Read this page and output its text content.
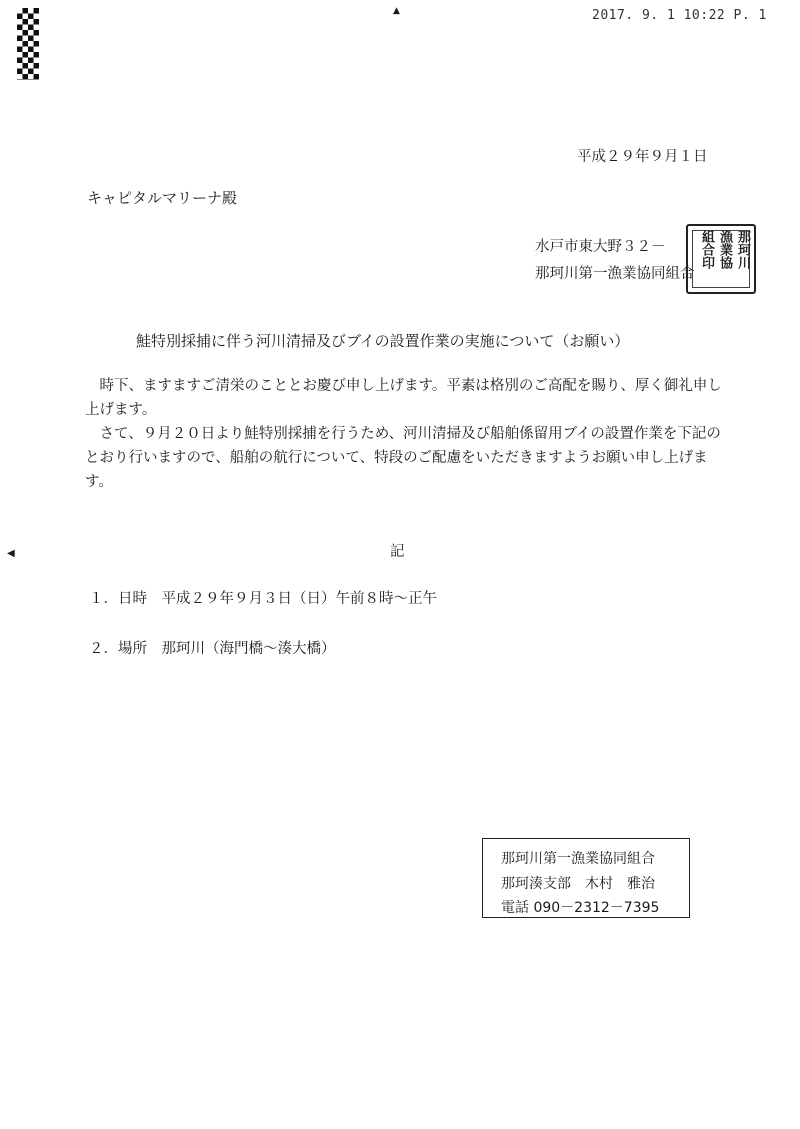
▲
◀
2017. 9. 1 10:22 P. 1
平成２９年９月１日
キャピタルマリーナ殿
水戸市東大野３２－
那珂川第一漁業協同組合
那珂川
漁業協
組合印
鮭特別採捕に伴う河川清掃及びブイの設置作業の実施について（お願い）

　時下、ますますご清栄のこととお慶び申し上げます。平素は格別のご高配を賜り、厚く御礼申し上げます。

　さて、９月２０日より鮭特別採捕を行うため、河川清掃及び船舶係留用ブイの設置作業を下記のとおり行いますので、船舶の航行について、特段のご配慮をいただきますようお願い申し上げます。

記
１．日時　平成２９年９月３日（日）午前８時～正午
２．場所　那珂川（海門橋～湊大橋）
那珂川第一漁業協同組合
那珂湊支部　木村　雅治
電話 090－2312－7395
